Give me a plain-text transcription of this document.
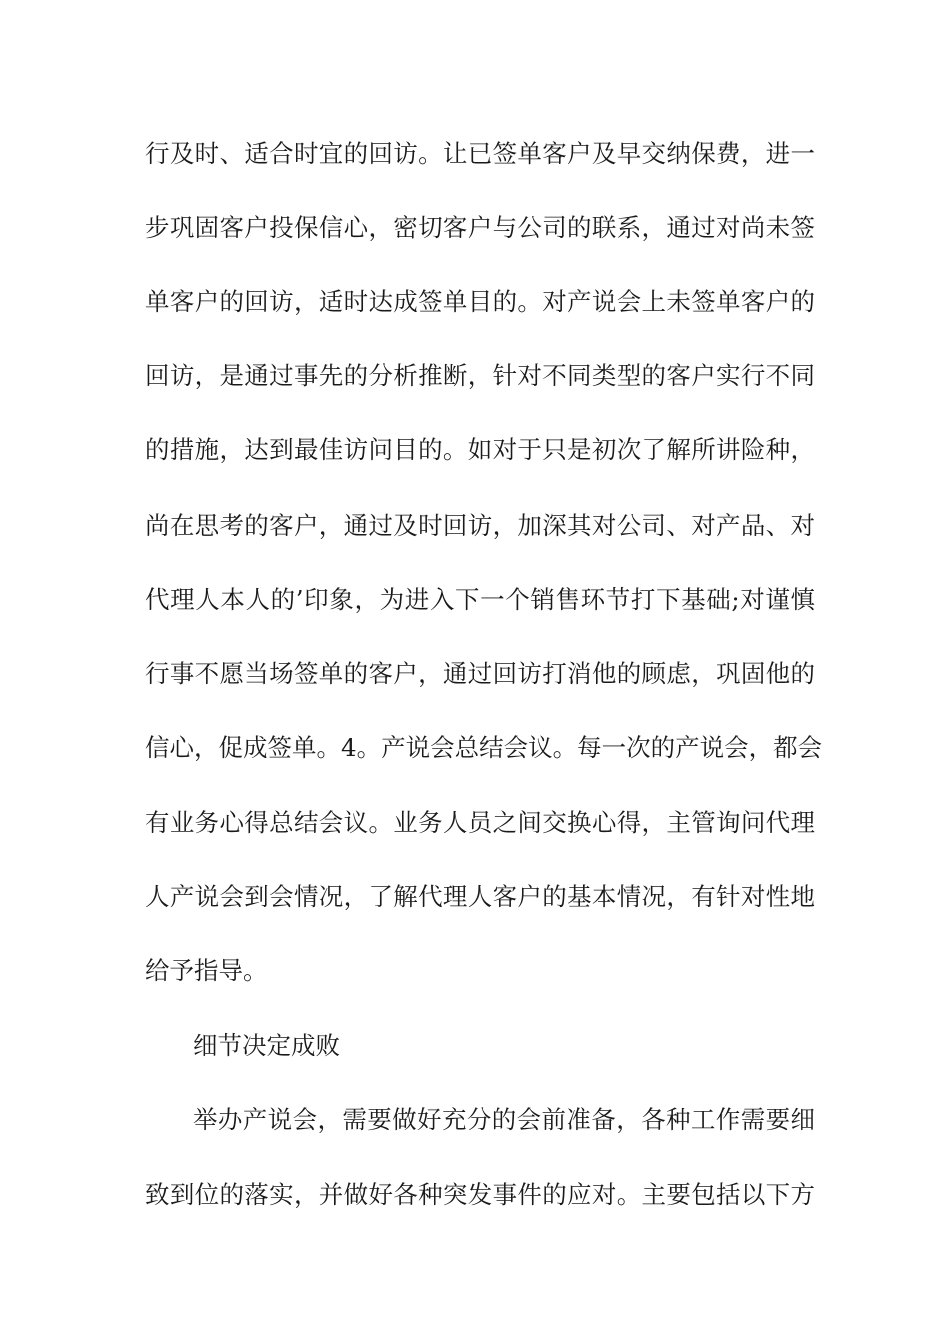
行及时、适合时宜的回访。让已签单客户及早交纳保费，进一
步巩固客户投保信心，密切客户与公司的联系，通过对尚未签
单客户的回访，适时达成签单目的。对产说会上未签单客户的
回访，是通过事先的分析推断，针对不同类型的客户实行不同
的措施，达到最佳访问目的。如对于只是初次了解所讲险种，
尚在思考的客户，通过及时回访，加深其对公司、对产品、对
代理人本人的’印象，为进入下一个销售环节打下基础;对谨慎
行事不愿当场签单的客户，通过回访打消他的顾虑，巩固他的
信心，促成签单。4。产说会总结会议。每一次的产说会，都会
有业务心得总结会议。业务人员之间交换心得，主管询问代理
人产说会到会情况，了解代理人客户的基本情况，有针对性地
给予指导。
细节决定成败
举办产说会，需要做好充分的会前准备，各种工作需要细
致到位的落实，并做好各种突发事件的应对。主要包括以下方
